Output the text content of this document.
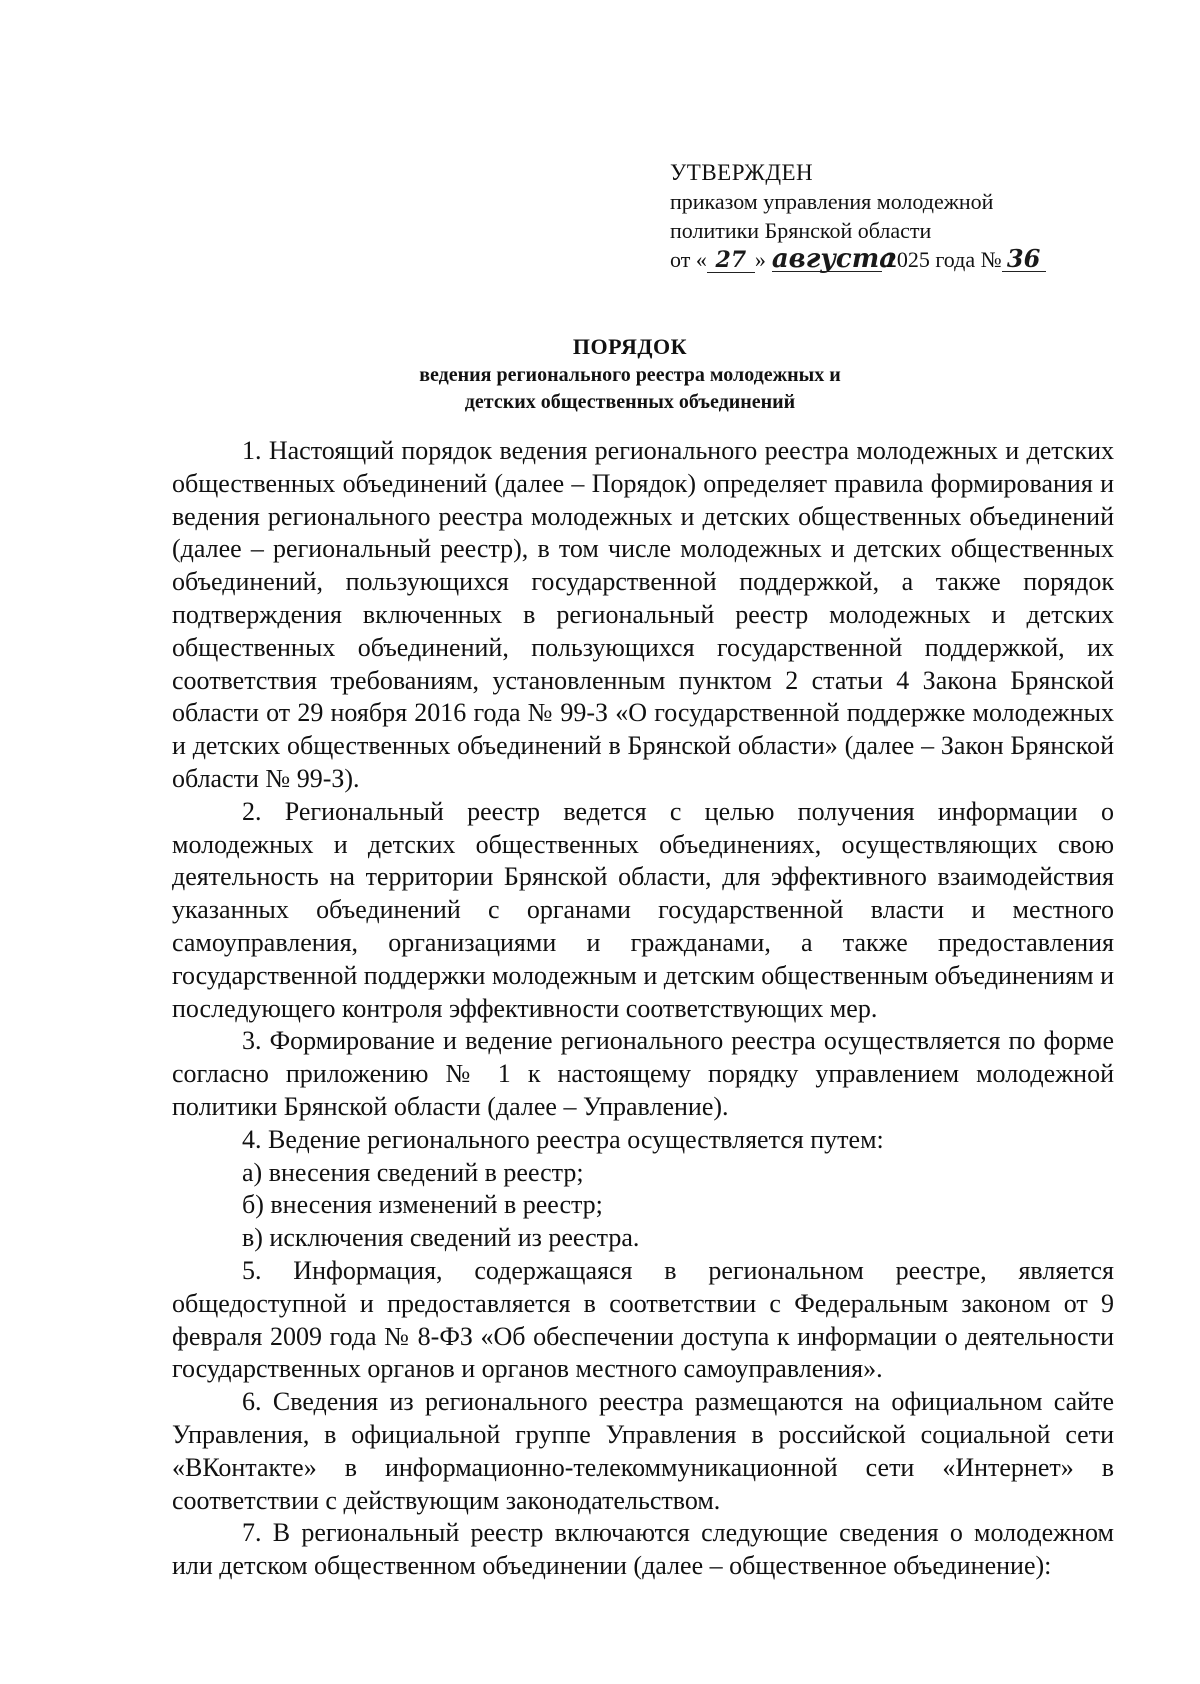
УТВЕРЖДЕН
приказом управления молодежной
политики Брянской области
от « 27 » августа2025 года № 36
ПОРЯДОК
ведения регионального реестра молодежных и
детских общественных объединений

1. Настоящий порядок ведения регионального реестра молодежных и детских общественных объединений (далее – Порядок) определяет правила формирования и ведения регионального реестра молодежных и детских общественных объединений (далее – региональный реестр), в том числе молодежных и детских общественных объединений, пользующихся государственной поддержкой, а также порядок подтверждения включенных в региональный реестр молодежных и детских общественных объединений, пользующихся государственной поддержкой, их соответствия требованиям, установленным пунктом 2 статьи 4 Закона Брянской области от 29 ноября 2016 года № 99-З «О государственной поддержке молодежных и детских общественных объединений в Брянской области» (далее – Закон Брянской области № 99-З).

2. Региональный реестр ведется с целью получения информации о молодежных и детских общественных объединениях, осуществляющих свою деятельность на территории Брянской области, для эффективного взаимодействия указанных объединений с органами государственной власти и местного самоуправления, организациями и гражданами, а также предоставления государственной поддержки молодежным и детским общественным объединениям и последующего контроля эффективности соответствующих мер.

3. Формирование и ведение регионального реестра осуществляется по форме согласно приложению № 1 к настоящему порядку управлением молодежной политики Брянской области (далее – Управление).

4. Ведение регионального реестра осуществляется путем:

а) внесения сведений в реестр;

б) внесения изменений в реестр;

в) исключения сведений из реестра.

5. Информация, содержащаяся в региональном реестре, является общедоступной и предоставляется в соответствии с Федеральным законом от 9 февраля 2009 года № 8-ФЗ «Об обеспечении доступа к информации о деятельности государственных органов и органов местного самоуправления».

6. Сведения из регионального реестра размещаются на официальном сайте Управления, в официальной группе Управления в российской социальной сети «ВКонтакте» в информационно-телекоммуникационной сети «Интернет» в соответствии с действующим законодательством.

7. В региональный реестр включаются следующие сведения о молодежном или детском общественном объединении (далее – общественное объединение):
